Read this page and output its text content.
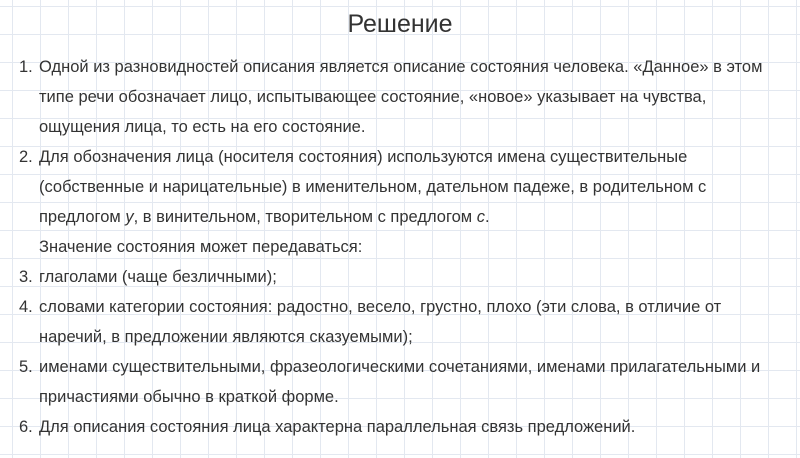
Решение
1. Одной из разновидностей описания является описание состояния человека. «Данное» в этом типе речи обозначает лицо, испытывающее состояние, «новое» указывает на чувства, ощущения лица, то есть на его состояние.
2. Для обозначения лица (носителя состояния) используются имена существительные (собственные и нарицательные) в именительном, дательном падеже, в родительном с предлогом у, в винительном, творительном с предлогом с.
Значение состояния может передаваться:
3. глаголами (чаще безличными);
4. словами категории состояния: радостно, весело, грустно, плохо (эти слова, в отличие от наречий, в предложении являются сказуемыми);
5. именами существительными, фразеологическими сочетаниями, именами прилагательными и причастиями обычно в краткой форме.
6. Для описания состояния лица характерна параллельная связь предложений.
